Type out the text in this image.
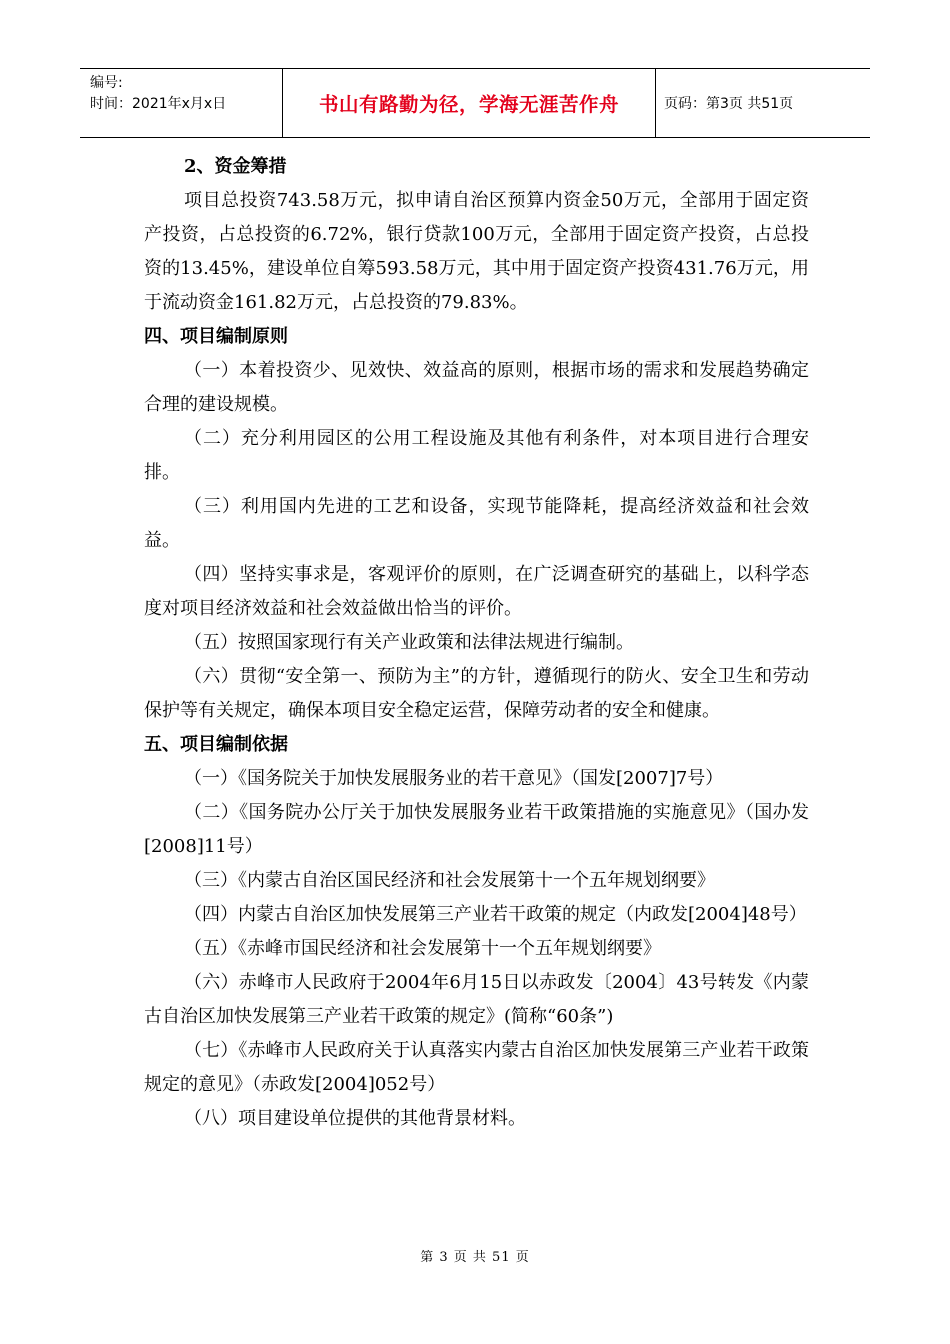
编号:
时间：2021年x月x日	书山有路勤为径，学海无涯苦作舟	页码：第3页 共51页

2、资金筹措

项目总投资743.58万元，拟申请自治区预算内资金50万元，全部用于固定资产投资，占总投资的6.72%，银行贷款100万元，全部用于固定资产投资，占总投资的13.45%，建设单位自筹593.58万元，其中用于固定资产投资431.76万元，用于流动资金161.82万元，占总投资的79.83%。

四、项目编制原则

（一）本着投资少、见效快、效益高的原则，根据市场的需求和发展趋势确定合理的建设规模。

（二）充分利用园区的公用工程设施及其他有利条件，对本项目进行合理安排。

（三）利用国内先进的工艺和设备，实现节能降耗，提高经济效益和社会效益。

（四）坚持实事求是，客观评价的原则，在广泛调查研究的基础上，以科学态度对项目经济效益和社会效益做出恰当的评价。

（五）按照国家现行有关产业政策和法律法规进行编制。

（六）贯彻“安全第一、预防为主”的方针，遵循现行的防火、安全卫生和劳动保护等有关规定，确保本项目安全稳定运营，保障劳动者的安全和健康。

五、项目编制依据

（一）《国务院关于加快发展服务业的若干意见》（国发[2007]7号）

（二）《国务院办公厅关于加快发展服务业若干政策措施的实施意见》（国办发[2008]11号）

（三）《内蒙古自治区国民经济和社会发展第十一个五年规划纲要》

（四）内蒙古自治区加快发展第三产业若干政策的规定（内政发[2004]48号）

（五）《赤峰市国民经济和社会发展第十一个五年规划纲要》

（六）赤峰市人民政府于2004年6月15日以赤政发〔2004〕43号转发《内蒙古自治区加快发展第三产业若干政策的规定》(简称“60条”)

（七）《赤峰市人民政府关于认真落实内蒙古自治区加快发展第三产业若干政策规定的意见》（赤政发[2004]052号）

（八）项目建设单位提供的其他背景材料。

第 3 页 共 51 页
